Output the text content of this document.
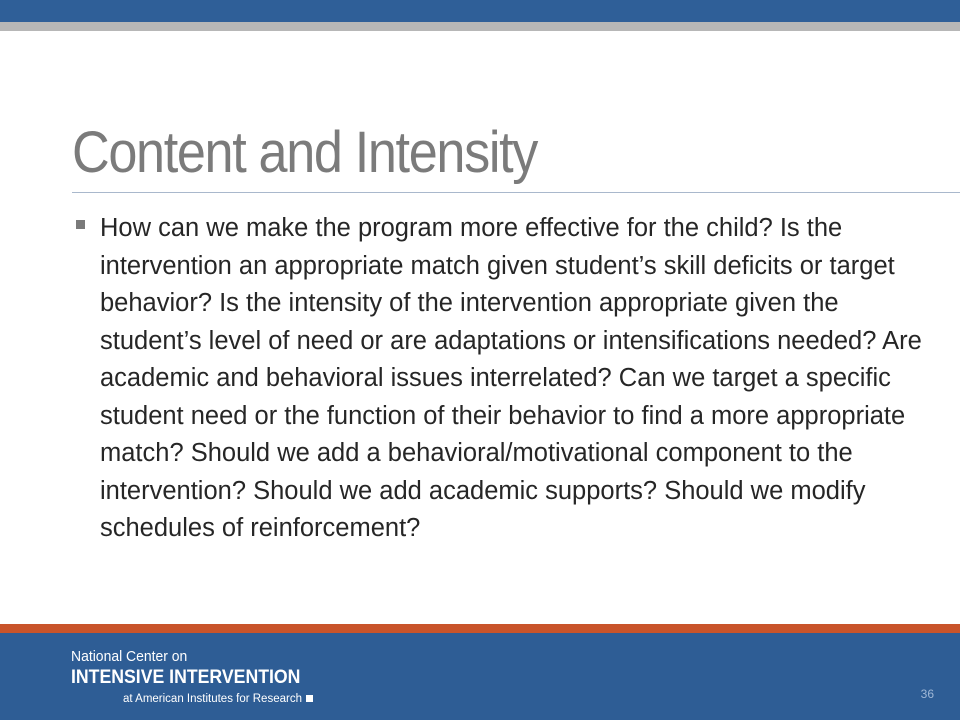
Content and Intensity
How can we make the program more effective for the child? Is the intervention an appropriate match given student’s skill deficits or target behavior? Is the intensity of the intervention appropriate given the student’s level of need or are adaptations or intensifications needed? Are academic and behavioral issues interrelated? Can we target a specific student need or the function of their behavior to find a more appropriate match? Should we add a behavioral/motivational component to the intervention? Should we add academic supports? Should we modify schedules of reinforcement?
National Center on
INTENSIVE INTERVENTION
at American Institutes for Research	36
